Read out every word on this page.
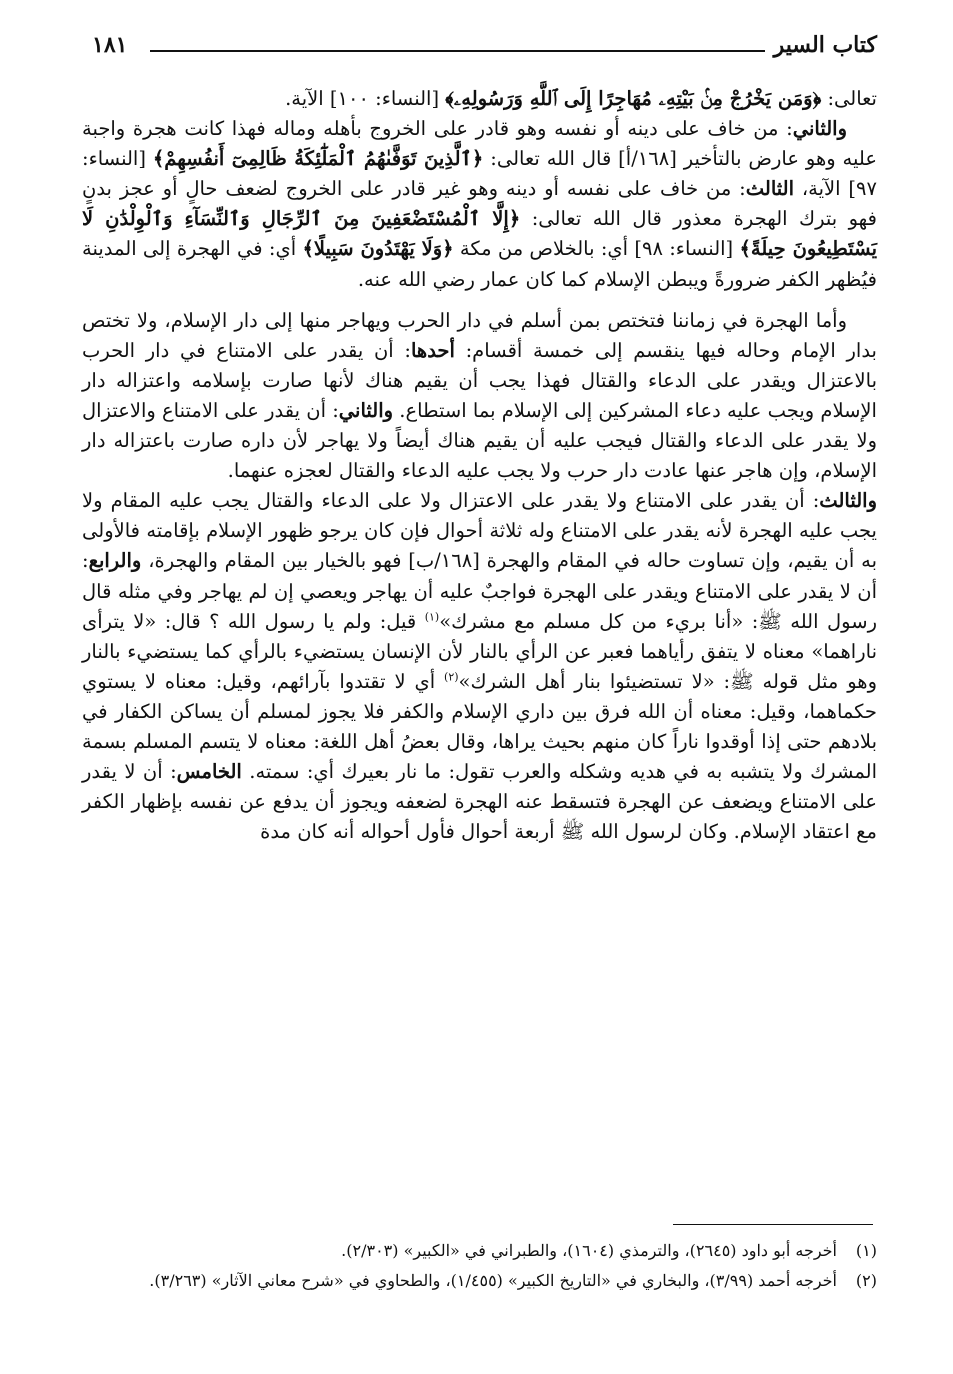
كتاب السير
١٨١

تعالى: ﴿وَمَن يَخْرُجْ مِنۢ بَيْتِهِۦ مُهَاجِرًا إِلَى ٱللَّهِ وَرَسُولِهِۦ﴾ [النساء: ١٠٠] الآية.

والثاني: من خاف على دينه أو نفسه وهو قادر على الخروج بأهله وماله فهذا كانت هجرة واجبة عليه وهو عارض بالتأخير [١٦٨/أ] قال الله تعالى: ﴿ٱلَّذِينَ تَوَفَّىٰهُمُ ٱلْمَلَٰٓئِكَةُ ظَالِمِىٓ أَنفُسِهِمْ﴾ [النساء: ٩٧] الآية، الثالث: من خاف على نفسه أو دينه وهو غير قادر على الخروج لضعف حالٍ أو عجز بدنٍ فهو بترك الهجرة معذور قال الله تعالى: ﴿إِلَّا ٱلْمُسْتَضْعَفِينَ مِنَ ٱلرِّجَالِ وَٱلنِّسَآءِ وَٱلْوِلْدَٰنِ لَا يَسْتَطِيعُونَ حِيلَةً﴾ [النساء: ٩٨] أي: بالخلاص من مكة ﴿وَلَا يَهْتَدُونَ سَبِيلًا﴾ أي: في الهجرة إلى المدينة فيُظهر الكفر ضرورةً ويبطن الإسلام كما كان عمار رضي الله عنه.

وأما الهجرة في زماننا فتختص بمن أسلم في دار الحرب ويهاجر منها إلى دار الإسلام، ولا تختص بدار الإمام وحاله فيها ينقسم إلى خمسة أقسام: أحدها: أن يقدر على الامتناع في دار الحرب بالاعتزال ويقدر على الدعاء والقتال فهذا يجب أن يقيم هناك لأنها صارت بإسلامه واعتزاله دار الإسلام ويجب عليه دعاء المشركين إلى الإسلام بما استطاع. والثاني: أن يقدر على الامتناع والاعتزال ولا يقدر على الدعاء والقتال فيجب عليه أن يقيم هناك أيضاً ولا يهاجر لأن داره صارت باعتزاله دار الإسلام، وإن هاجر عنها عادت دار حرب ولا يجب عليه الدعاء والقتال لعجزه عنهما.

والثالث: أن يقدر على الامتناع ولا يقدر على الاعتزال ولا على الدعاء والقتال يجب عليه المقام ولا يجب عليه الهجرة لأنه يقدر على الامتناع وله ثلاثة أحوال فإن كان يرجو ظهور الإسلام بإقامته فالأولى به أن يقيم، وإن تساوت حاله في المقام والهجرة [١٦٨/ب] فهو بالخيار بين المقام والهجرة، والرابع: أن لا يقدر على الامتناع ويقدر على الهجرة فواجبٌ عليه أن يهاجر ويعصي إن لم يهاجر وفي مثله قال رسول الله ﷺ: «أنا بريء من كل مسلم مع مشرك»$^{(١)}$ قيل: ولم يا رسول الله ؟ قال: «لا يترأى ناراهما» معناه لا يتفق رأياهما فعبر عن الرأي بالنار لأن الإنسان يستضيء بالرأي كما يستضيء بالنار وهو مثل قوله ﷺ: «لا تستضيئوا بنار أهل الشرك»$^{(٢)}$ أي لا تقتدوا بآرائهم، وقيل: معناه لا يستوي حكماهما، وقيل: معناه أن الله فرق بين داري الإسلام والكفر فلا يجوز لمسلم أن يساكن الكفار في بلادهم حتى إذا أوقدوا ناراً كان منهم بحيث يراها، وقال بعضُ أهل اللغة: معناه لا يتسم المسلم بسمة المشرك ولا يتشبه به في هديه وشكله والعرب تقول: ما نار بعيرك أي: سمته. الخامس: أن لا يقدر على الامتناع ويضعف عن الهجرة فتسقط عنه الهجرة لضعفه ويجوز أن يدفع عن نفسه بإظهار الكفر مع اعتقاد الإسلام. وكان لرسول الله ﷺ أربعة أحوال فأول أحواله أنه كان مدة

(١)أخرجه أبو داود (٢٦٤٥)، والترمذي (١٦٠٤)، والطبراني في «الكبير» (٢/٣٠٣).

(٢)أخرجه أحمد (٣/٩٩)، والبخاري في «التاريخ الكبير» (١/٤٥٥)، والطحاوي في «شرح معاني الآثار» (٣/٢٦٣).
